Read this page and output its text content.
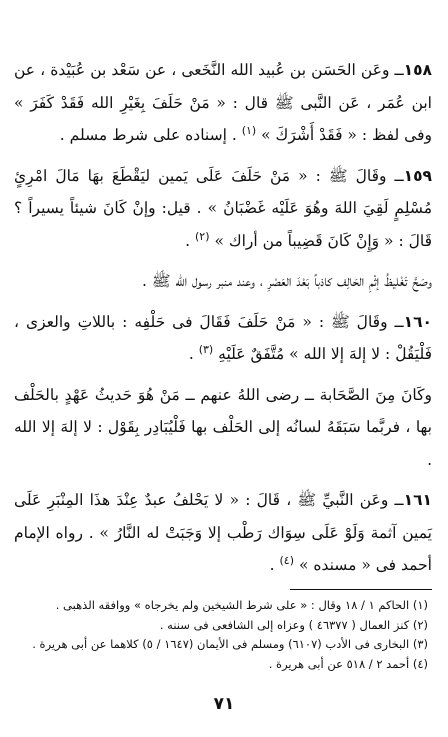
١٥٨ــ وعَن الحَسَن بن عُبيد الله النَّخَعى ، عن سَعْد بن عُبَيْدة ، عن ابن عُمَر ، عَن النَّبى ﷺ قال : « مَنْ حَلَفَ بِغَيْرِ الله فَقَدْ كَفَرَ » وفى لفظ : « فَقَدْ أَشْرَكَ » $^{(١)}$ . إسناده على شرط مسلم .

١٥٩ــ وقَالَ ﷺ : « مَنْ حَلَفَ عَلَى يَمين ليَقْطَعَ بهَا مَالَ امْرِئٍ مُسْلِمٍ لَقِيَ اللهَ وهُوَ عَلَيْه غَضْبَانُ » . قيل: وإنْ كَانَ شيئاً يسيراً ؟ قَالَ : « وَإِنْ كَانَ قَضِيباً من أراك » $^{(٢)}$ .

وصَحَّ تَغْليظُ إثْمِ الحَالِف كاذباً بَعْدَ العَصْرِ ، وعند منبر رسول الله ﷺ .

١٦٠ــ وقَالَ ﷺ : « مَنْ حَلَفَ فَقَالَ فى حَلْفِه : باللاتِ والعزى ، فَلْيَقُلْ : لا إلهَ إلا الله » مُتَّفَقٌ عَلَيْهِ $^{(٣)}$ .

وكَانَ مِنَ الصَّحَابة ــ رضى اللهُ عنهم ــ مَنْ هُوَ حَديثُ عَهْدٍ بالحَلْف بها ، فربَّما سَبَقَهُ لسانُه إلى الحَلْف بها فَلْيُبَادِر بِقَوْل : لا إلهَ إلا الله .

١٦١ــ وعَن النَّبيِّ ﷺ ، قَالَ : « لا يَحْلفُ عبدٌ عِنْدَ هذَا المِنْبَرِ عَلَى يَمين آثمة وَلَوْ عَلَى سِوَاك رَطْب إلا وَجَبَتْ له النَّارُ » . رواه الإمام أحمد فى « مسنده » $^{(٤)}$ .

(١) الحاكم ١ / ١٨ وقال : « على شرط الشيخين ولم يخرجاه » ووافقه الذهبى .
(٢) كنز العمال ( ٤٦٣٧٧ ) وعزاه إلى الشافعى فى سننه .
(٣) البخارى فى الأدب (٦١٠٧) ومسلم فى الأيمان (١٦٤٧ / ٥) كلاهما عن أبى هريرة .
(٤) أحمد ٢ / ٥١٨ عن أبى هريرة .
٧١
